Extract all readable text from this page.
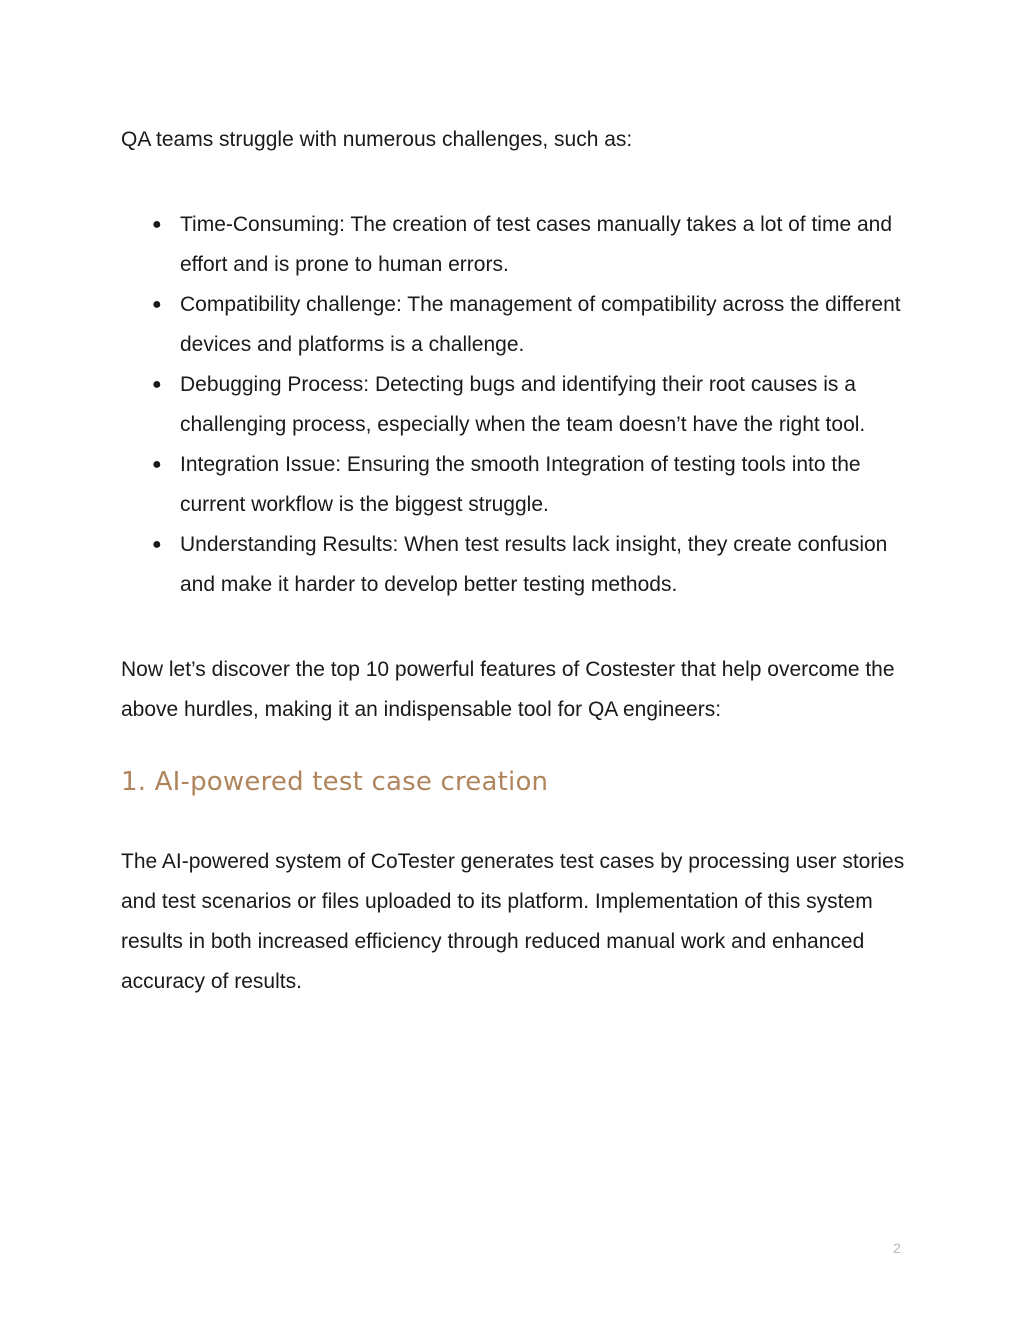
QA teams struggle with numerous challenges, such as:

● Time-Consuming: The creation of test cases manually takes a lot of time and effort and is prone to human errors.
● Compatibility challenge: The management of compatibility across the different devices and platforms is a challenge.
● Debugging Process: Detecting bugs and identifying their root causes is a challenging process, especially when the team doesn’t have the right tool.
● Integration Issue: Ensuring the smooth Integration of testing tools into the current workflow is the biggest struggle.
● Understanding Results: When test results lack insight, they create confusion and make it harder to develop better testing methods.

Now let’s discover the top 10 powerful features of Costester that help overcome the above hurdles, making it an indispensable tool for QA engineers:

1. AI-powered test case creation

The AI-powered system of CoTester generates test cases by processing user stories and test scenarios or files uploaded to its platform. Implementation of this system results in both increased efficiency through reduced manual work and enhanced accuracy of results.

2
